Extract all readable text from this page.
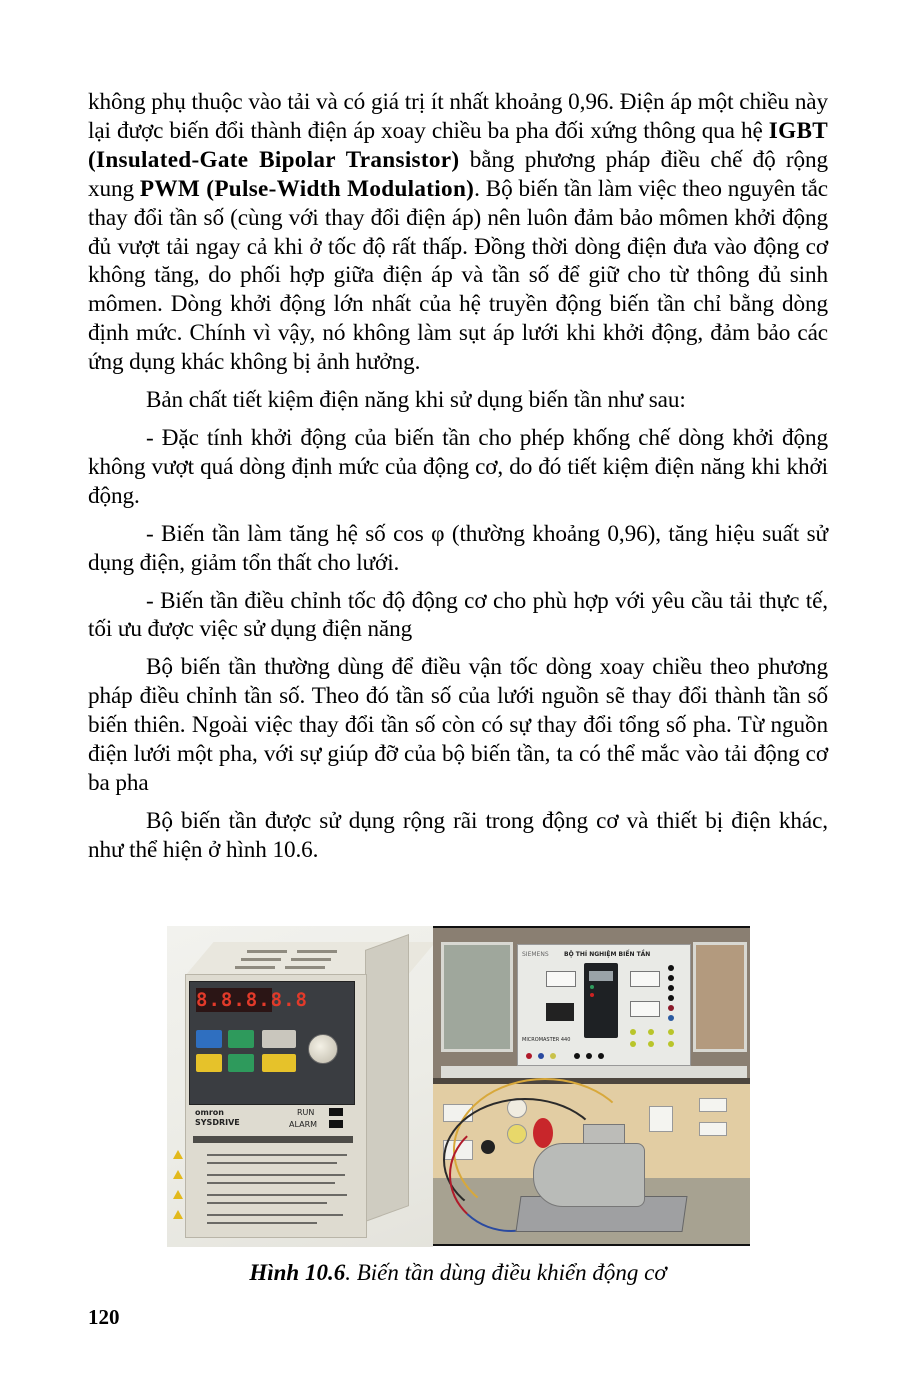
không phụ thuộc vào tải và có giá trị ít nhất khoảng 0,96. Điện áp một chiều này lại được biến đổi thành điện áp xoay chiều ba pha đối xứng thông qua hệ IGBT (Insulated-Gate Bipolar Transistor) bằng phương pháp điều chế độ rộng xung PWM (Pulse-Width Modulation). Bộ biến tần làm việc theo nguyên tắc thay đổi tần số (cùng với thay đổi điện áp) nên luôn đảm bảo mômen khởi động đủ vượt tải ngay cả khi ở tốc độ rất thấp. Đồng thời dòng điện đưa vào động cơ không tăng, do phối hợp giữa điện áp và tần số để giữ cho từ thông đủ sinh mômen. Dòng khởi động lớn nhất của hệ truyền động biến tần chỉ bằng dòng định mức. Chính vì vậy, nó không làm sụt áp lưới khi khởi động, đảm bảo các ứng dụng khác không bị ảnh hưởng.

Bản chất tiết kiệm điện năng khi sử dụng biến tần như sau:

- Đặc tính khởi động của biến tần cho phép khống chế dòng khởi động không vượt quá dòng định mức của động cơ, do đó tiết kiệm điện năng khi khởi động.

- Biến tần làm tăng hệ số cos φ (thường khoảng 0,96), tăng hiệu suất sử dụng điện, giảm tổn thất cho lưới.

- Biến tần điều chỉnh tốc độ động cơ cho phù hợp với yêu cầu tải thực tế, tối ưu được việc sử dụng điện năng

Bộ biến tần thường dùng để điều vận tốc dòng xoay chiều theo phương pháp điều chỉnh tần số. Theo đó tần số của lưới nguồn sẽ thay đổi thành tần số biến thiên. Ngoài việc thay đổi tần số còn có sự thay đổi tổng số pha. Từ nguồn điện lưới một pha, với sự giúp đỡ của bộ biến tần, ta có thể mắc vào tải động cơ ba pha

Bộ biến tần được sử dụng rộng rãi trong động cơ và thiết bị điện khác, như thể hiện ở hình 10.6.

8.8.8.8.8
omron
SYSDRIVE
RUN
ALARM
SIEMENS	BỘ THÍ NGHIỆM BIẾN TẦN
MICROMASTER 440
Hình 10.6. Biến tần dùng điều khiển động cơ
120
